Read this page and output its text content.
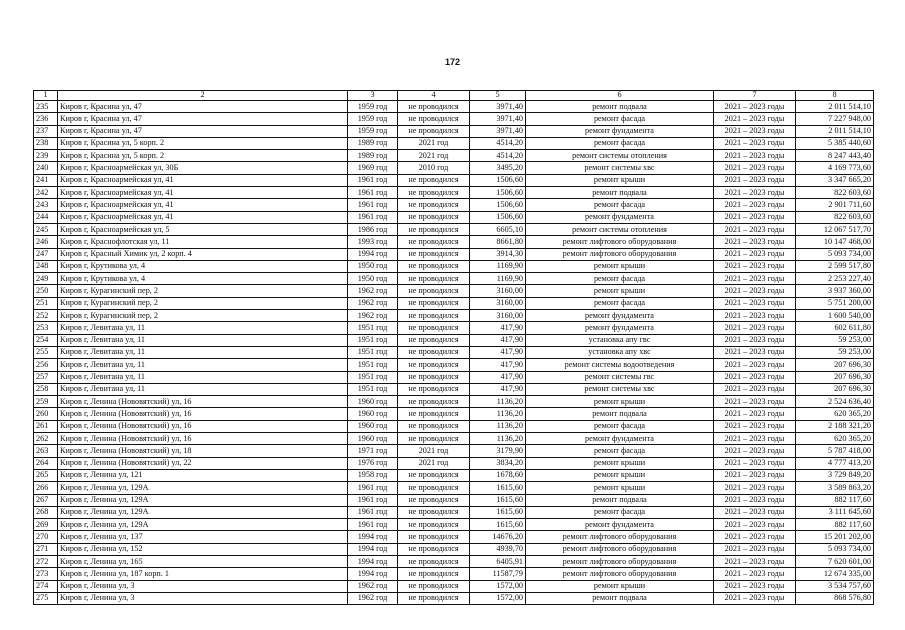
172
1	2	3	4	5	6	7	8
235	Киров г, Красина ул, 47	1959 год	не проводился	3971,40	ремонт подвала	2021 – 2023 годы	2 011 514,10
236	Киров г, Красина ул, 47	1959 год	не проводился	3971,40	ремонт фасада	2021 – 2023 годы	7 227 948,00
237	Киров г, Красина ул, 47	1959 год	не проводился	3971,40	ремонт фундамента	2021 – 2023 годы	2 011 514,10
238	Киров г, Красина ул, 5 корп. 2	1989 год	2021 год	4514,20	ремонт фасада	2021 – 2023 годы	5 385 440,60
239	Киров г, Красина ул, 5 корп. 2	1989 год	2021 год	4514,20	ремонт системы отопления	2021 – 2023 годы	8 247 443,40
240	Киров г, Красноармейская ул, 30Б	1969 год	2010 год	3495,20	ремонт системы хвс	2021 – 2023 годы	4 169 773,60
241	Киров г, Красноармейская ул, 41	1961 год	не проводился	1506,60	ремонт крыши	2021 – 2023 годы	3 347 665,20
242	Киров г, Красноармейская ул, 41	1961 год	не проводился	1506,60	ремонт подвала	2021 – 2023 годы	822 603,60
243	Киров г, Красноармейская ул, 41	1961 год	не проводился	1506,60	ремонт фасада	2021 – 2023 годы	2 901 711,60
244	Киров г, Красноармейская ул, 41	1961 год	не проводился	1506,60	ремонт фундамента	2021 – 2023 годы	822 603,60
245	Киров г, Красноармейская ул, 5	1986 год	не проводился	6605,10	ремонт системы отопления	2021 – 2023 годы	12 067 517,70
246	Киров г, Краснофлотская ул, 11	1993 год	не проводился	8661,80	ремонт лифтового оборудования	2021 – 2023 годы	10 147 468,00
247	Киров г, Красный Химик ул, 2 корп. 4	1994 год	не проводился	3914,30	ремонт лифтового оборудования	2021 – 2023 годы	5 093 734,00
248	Киров г, Крутикова ул, 4	1950 год	не проводился	1169,90	ремонт крыши	2021 – 2023 годы	2 599 517,80
249	Киров г, Крутикова ул, 4	1950 год	не проводился	1169,90	ремонт фасада	2021 – 2023 годы	2 253 227,40
250	Киров г, Курагинский пер, 2	1962 год	не проводился	3160,00	ремонт крыши	2021 – 2023 годы	3 937 360,00
251	Киров г, Курагинский пер, 2	1962 год	не проводился	3160,00	ремонт фасада	2021 – 2023 годы	5 751 200,00
252	Киров г, Курагинский пер, 2	1962 год	не проводился	3160,00	ремонт фундамента	2021 – 2023 годы	1 600 540,00
253	Киров г, Левитана ул, 11	1951 год	не проводился	417,90	ремонт фундамента	2021 – 2023 годы	602 611,80
254	Киров г, Левитана ул, 11	1951 год	не проводился	417,90	установка апу гвс	2021 – 2023 годы	59 253,00
255	Киров г, Левитана ул, 11	1951 год	не проводился	417,90	установка апу хвс	2021 – 2023 годы	59 253,00
256	Киров г, Левитана ул, 11	1951 год	не проводился	417,90	ремонт системы водоотведения	2021 – 2023 годы	207 696,30
257	Киров г, Левитана ул, 11	1951 год	не проводился	417,90	ремонт системы гвс	2021 – 2023 годы	207 696,30
258	Киров г, Левитана ул, 11	1951 год	не проводился	417,90	ремонт системы хвс	2021 – 2023 годы	207 696,30
259	Киров г, Ленина (Нововятский) ул, 16	1960 год	не проводился	1136,20	ремонт крыши	2021 – 2023 годы	2 524 636,40
260	Киров г, Ленина (Нововятский) ул, 16	1960 год	не проводился	1136,20	ремонт подвала	2021 – 2023 годы	620 365,20
261	Киров г, Ленина (Нововятский) ул, 16	1960 год	не проводился	1136,20	ремонт фасада	2021 – 2023 годы	2 188 321,20
262	Киров г, Ленина (Нововятский) ул, 16	1960 год	не проводился	1136,20	ремонт фундамента	2021 – 2023 годы	620 365,20
263	Киров г, Ленина (Нововятский) ул, 18	1971 год	2021 год	3179,90	ремонт фасада	2021 – 2023 годы	5 787 418,00
264	Киров г, Ленина (Нововятский) ул, 22	1976 год	2021 год	3834,20	ремонт крыши	2021 – 2023 годы	4 777 413,20
265	Киров г, Ленина ул, 121	1958 год	не проводился	1678,60	ремонт крыши	2021 – 2023 годы	3 729 849,20
266	Киров г, Ленина ул, 129А	1961 год	не проводился	1615,60	ремонт крыши	2021 – 2023 годы	3 589 863,20
267	Киров г, Ленина ул, 129А	1961 год	не проводился	1615,60	ремонт подвала	2021 – 2023 годы	882 117,60
268	Киров г, Ленина ул, 129А	1961 год	не проводился	1615,60	ремонт фасада	2021 – 2023 годы	3 111 645,60
269	Киров г, Ленина ул, 129А	1961 год	не проводился	1615,60	ремонт фундамента	2021 – 2023 годы	882 117,60
270	Киров г, Ленина ул, 137	1994 год	не проводился	14676,20	ремонт лифтового оборудования	2021 – 2023 годы	15 201 202,00
271	Киров г, Ленина ул, 152	1994 год	не проводился	4939,70	ремонт лифтового оборудования	2021 – 2023 годы	5 093 734,00
272	Киров г, Ленина ул, 165	1994 год	не проводился	6405,91	ремонт лифтового оборудования	2021 – 2023 годы	7 620 601,00
273	Киров г, Ленина ул, 187 корп. 1	1994 год	не проводился	11587,79	ремонт лифтового оборудования	2021 – 2023 годы	12 674 335,00
274	Киров г, Ленина ул, 3	1962 год	не проводился	1572,00	ремонт крыши	2021 – 2023 годы	3 534 757,60
275	Киров г, Ленина ул, 3	1962 год	не проводился	1572,00	ремонт подвала	2021 – 2023 годы	868 576,80
